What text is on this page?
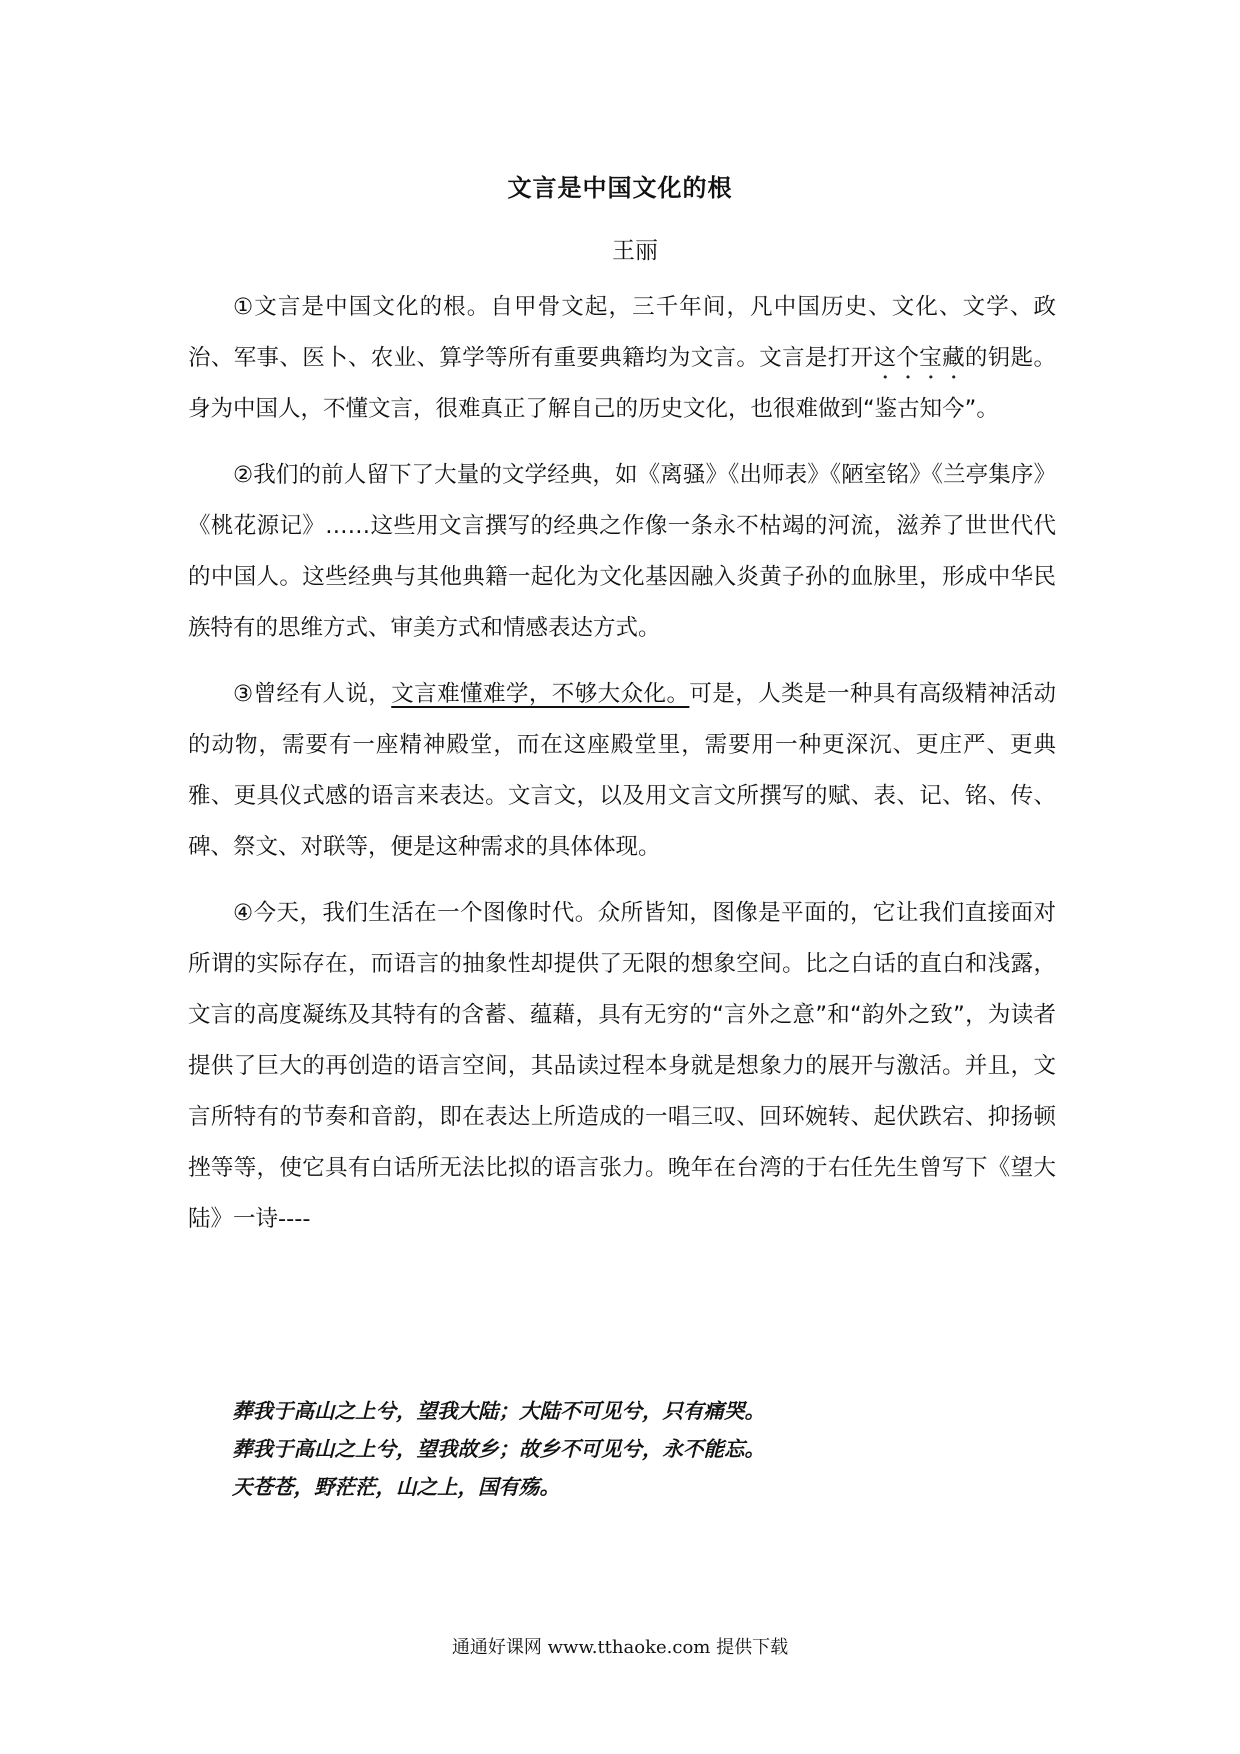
文言是中国文化的根
王丽

①文言是中国文化的根。自甲骨文起，三千年间，凡中国历史、文化、文学、政治、军事、医卜、农业、算学等所有重要典籍均为文言。文言是打开这个宝藏的钥匙。身为中国人，不懂文言，很难真正了解自己的历史文化，也很难做到“鉴古知今”。

②我们的前人留下了大量的文学经典，如《离骚》《出师表》《陋室铭》《兰亭集序》《桃花源记》……这些用文言撰写的经典之作像一条永不枯竭的河流，滋养了世世代代的中国人。这些经典与其他典籍一起化为文化基因融入炎黄子孙的血脉里，形成中华民族特有的思维方式、审美方式和情感表达方式。

③曾经有人说，文言难懂难学，不够大众化。可是，人类是一种具有高级精神活动的动物，需要有一座精神殿堂，而在这座殿堂里，需要用一种更深沉、更庄严、更典雅、更具仪式感的语言来表达。文言文，以及用文言文所撰写的赋、表、记、铭、传、碑、祭文、对联等，便是这种需求的具体体现。

④今天，我们生活在一个图像时代。众所皆知，图像是平面的，它让我们直接面对所谓的实际存在，而语言的抽象性却提供了无限的想象空间。比之白话的直白和浅露，文言的高度凝练及其特有的含蓄、蕴藉，具有无穷的“言外之意”和“韵外之致”，为读者提供了巨大的再创造的语言空间，其品读过程本身就是想象力的展开与激活。并且，文言所特有的节奏和音韵，即在表达上所造成的一唱三叹、回环婉转、起伏跌宕、抑扬顿挫等等，使它具有白话所无法比拟的语言张力。晚年在台湾的于右任先生曾写下《望大陆》一诗----

葬我于高山之上兮，望我大陆；大陆不可见兮，只有痛哭。
葬我于高山之上兮，望我故乡；故乡不可见兮，永不能忘。
天苍苍，野茫茫，山之上，国有殇。
通通好课网 www.tthaoke.com 提供下载
